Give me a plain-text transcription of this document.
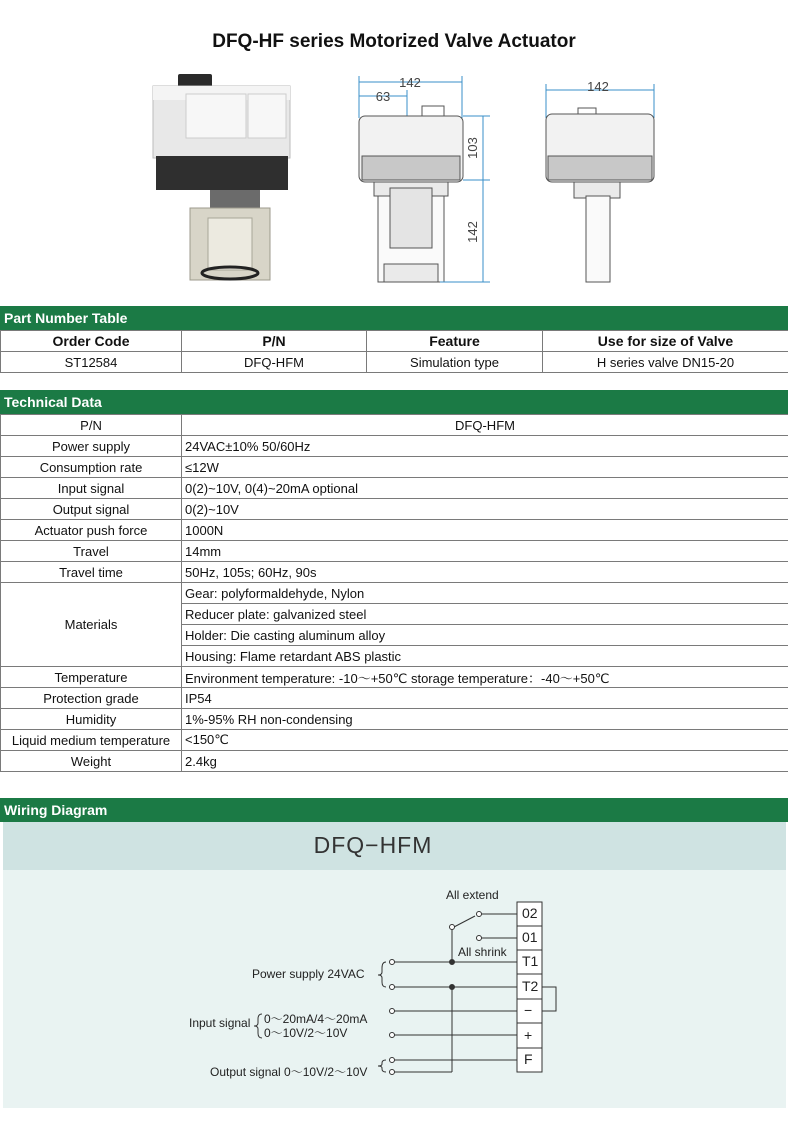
DFQ-HF series Motorized Valve Actuator
142
63
103
142
142
Part Number Table
Order Code	P/N	Feature	Use for size of Valve
ST12584	DFQ-HFM	Simulation type	H series valve DN15-20
Technical Data
P/N	DFQ-HFM
Power supply	24VAC±10% 50/60Hz
Consumption rate	≤12W
Input signal	0(2)~10V, 0(4)~20mA optional
Output signal	0(2)~10V
Actuator push force	1000N
Travel	14mm
Travel time	50Hz, 105s; 60Hz, 90s
Materials	Gear: polyformaldehyde, Nylon
	Reducer plate: galvanized steel
	Holder: Die casting aluminum alloy
	Housing: Flame retardant ABS plastic
Temperature	Environment temperature: -10～+50℃ storage temperature：-40～+50℃
Protection grade	IP54
Humidity	1%-95% RH non-condensing
Liquid medium temperature	<150℃
Weight	2.4kg
Wiring Diagram
DFQ−HFM
All extend
All shrink
Power supply 24VAC
Input signal 0～20mA/4～20mA
0～10V/2～10V
Output signal 0～10V/2～10V
02
01
T1
T2
−
+
F
